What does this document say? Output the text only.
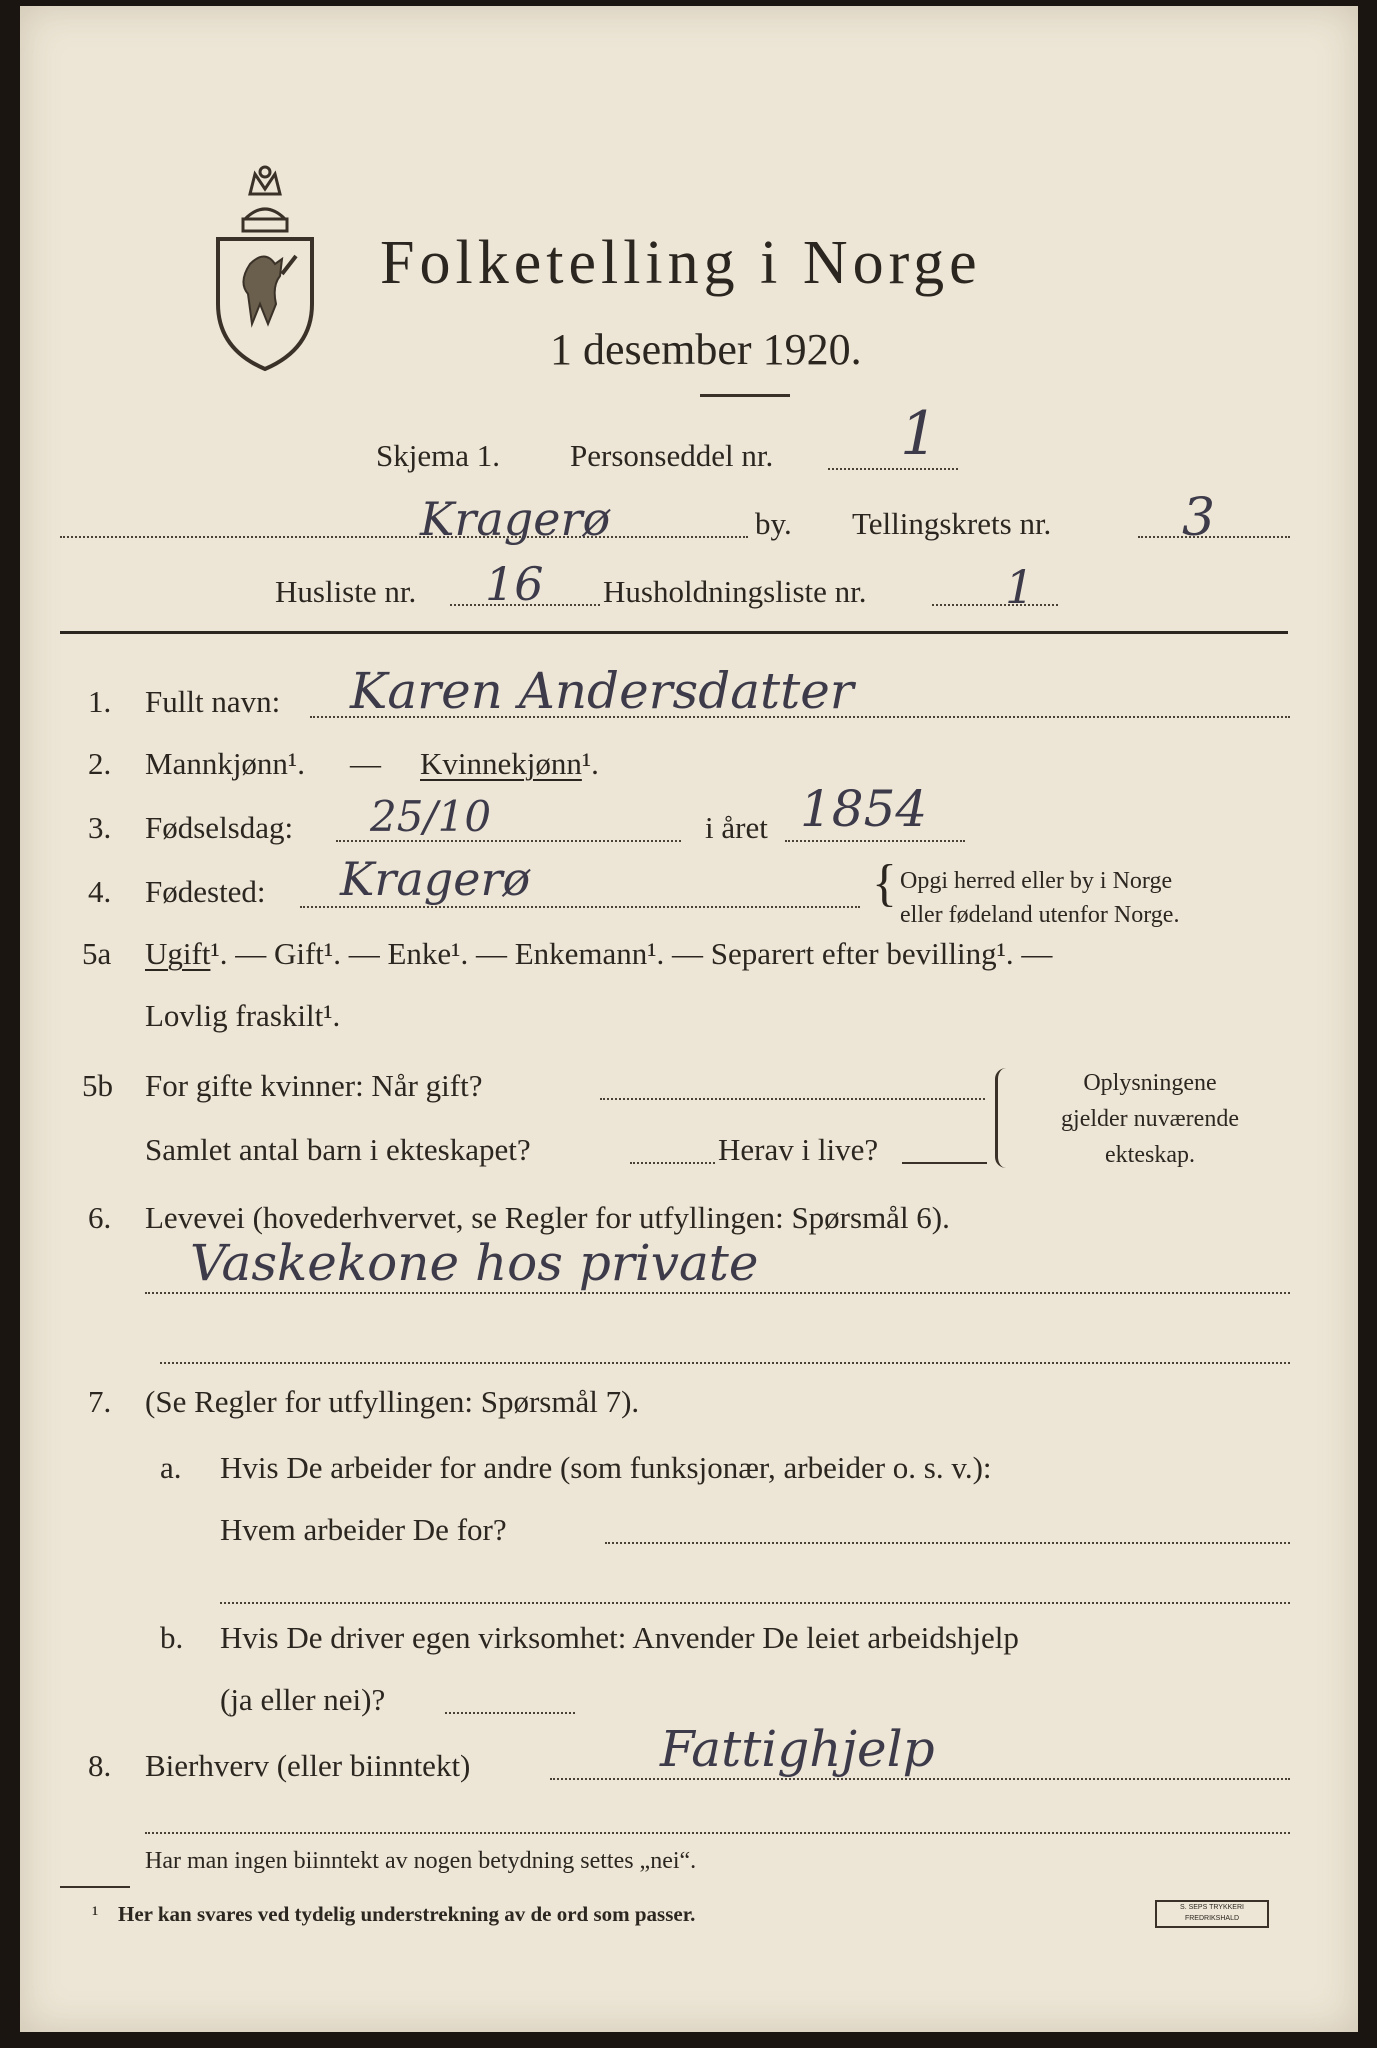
Folketelling i Norge
1 desember 1920.
Skjema 1. Personseddel nr. 1
Kragerø	by. Tellingskrets nr.	3
Husliste nr. 16 Husholdningsliste nr.	1
1. Fullt navn: Karen Andersdatter
2. Mannkjønn¹. — Kvinnekjønn¹.
3. Fødselsdag: 25/10	i året 1854
4. Fødested: Kragerø	{ Opgi herred eller by i Norge
eller fødeland utenfor Norge.
5a Ugift¹. — Gift¹. — Enke¹. — Enkemann¹. — Separert efter bevilling¹. —
Lovlig fraskilt¹.
5b For gifte kvinner: Når gift?
Samlet antal barn i ekteskapet?	Herav i live?
Oplysningene
gjelder nuværende
ekteskap.
6. Levevei (hovederhvervet, se Regler for utfyllingen: Spørsmål 6).
Vaskekone hos private
7. (Se Regler for utfyllingen: Spørsmål 7).
a. Hvis De arbeider for andre (som funksjonær, arbeider o. s. v.):
Hvem arbeider De for?
b. Hvis De driver egen virksomhet: Anvender De leiet arbeidshjelp
(ja eller nei)?
8. Bierhverv (eller biinntekt)	Fattighjelp
Har man ingen biinntekt av nogen betydning settes „nei“.
¹ Her kan svares ved tydelig understrekning av de ord som passer.	S. SEPS TRYKKERI
FREDRIKSHALD
